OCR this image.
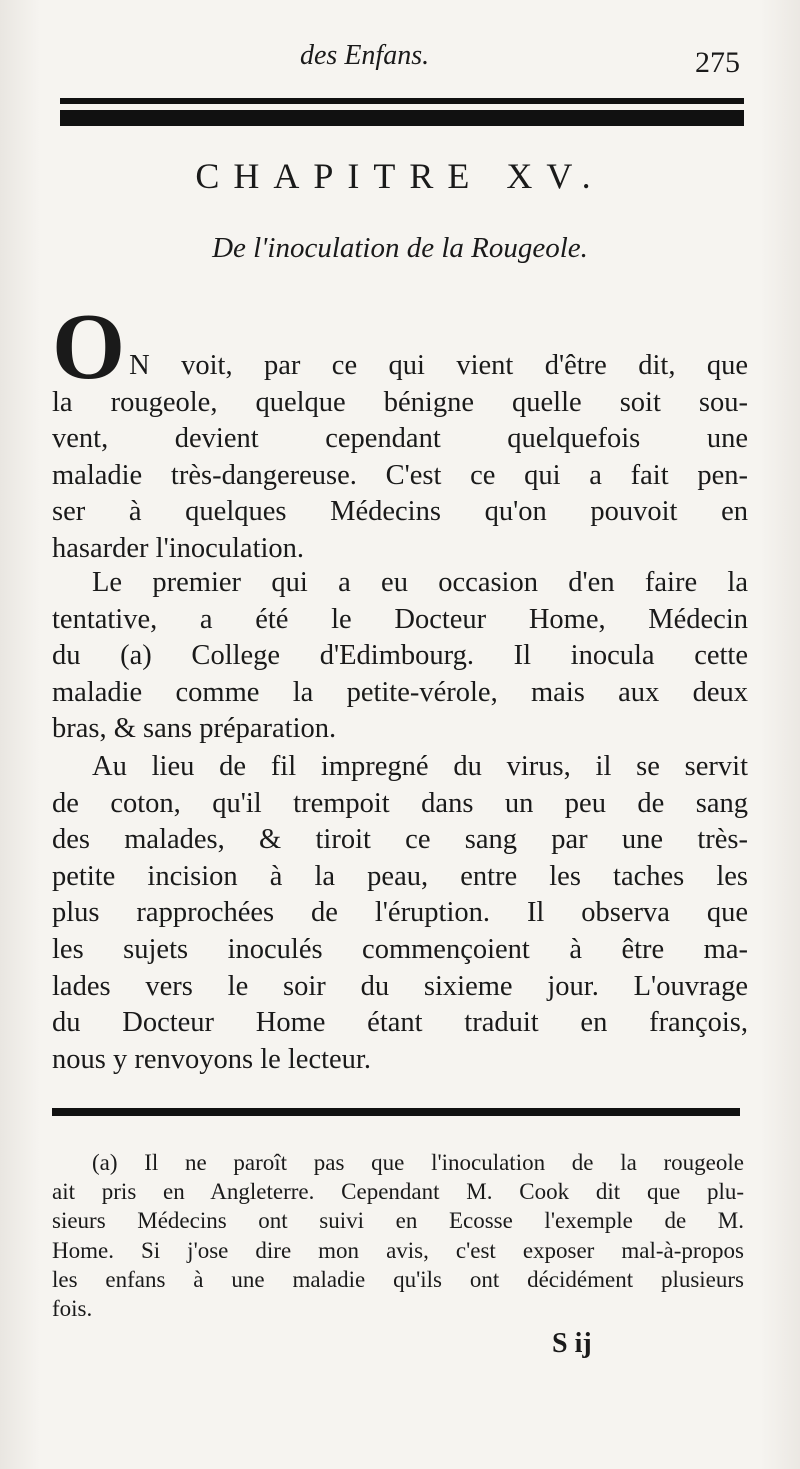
des Enfans.	275
CHAPITRE XV.
De l'inoculation de la Rougeole.
O N voit, par ce qui vient d'être dit, que
la rougeole, quelque bénigne quelle soit sou-
vent, devient cependant quelquefois une
maladie très-dangereuse. C'est ce qui a fait pen-
ser à quelques Médecins qu'on pouvoit en
hasarder l'inoculation.
Le premier qui a eu occasion d'en faire la
tentative, a été le Docteur Home, Médecin
du (a) College d'Edimbourg. Il inocula cette
maladie comme la petite-vérole, mais aux deux
bras, & sans préparation.
Au lieu de fil impregné du virus, il se servit
de coton, qu'il trempoit dans un peu de sang
des malades, & tiroit ce sang par une très-
petite incision à la peau, entre les taches les
plus rapprochées de l'éruption. Il observa que
les sujets inoculés commençoient à être ma-
lades vers le soir du sixieme jour. L'ouvrage
du Docteur Home étant traduit en françois,
nous y renvoyons le lecteur.
(a) Il ne paroît pas que l'inoculation de la rougeole
ait pris en Angleterre. Cependant M. Cook dit que plu-
sieurs Médecins ont suivi en Ecosse l'exemple de M.
Home. Si j'ose dire mon avis, c'est exposer mal-à-propos
les enfans à une maladie qu'ils ont décidément plusieurs
fois.
S ij
